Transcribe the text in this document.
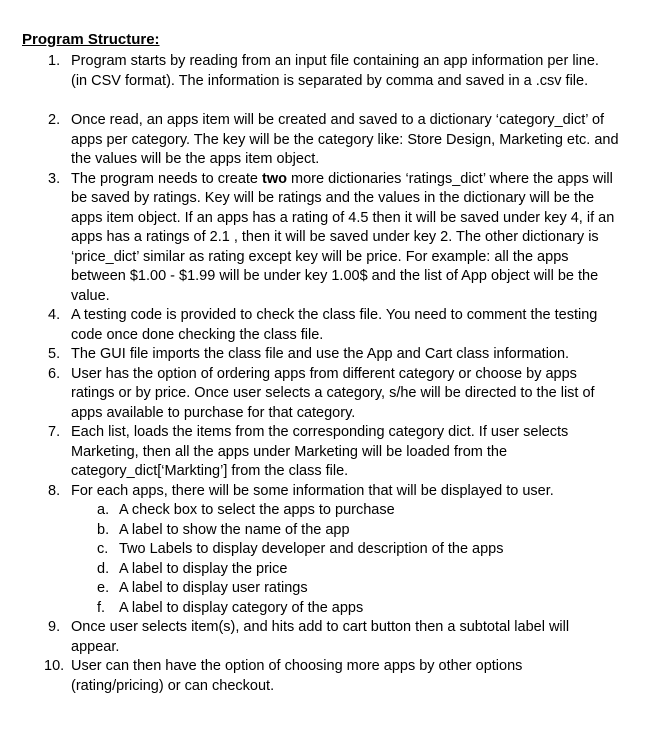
Program Structure:
1. Program starts by reading from an input file containing an app information per line.
(in CSV format). The information is separated by comma and saved in a .csv file.
2. Once read, an apps item will be created and saved to a dictionary ‘category_dict’ of
apps per category. The key will be the category like: Store Design, Marketing etc. and
the values will be the apps item object.
3. The program needs to create two more dictionaries ‘ratings_dict’ where the apps will
be saved by ratings. Key will be ratings and the values in the dictionary will be the
apps item object. If an apps has a rating of 4.5 then it will be saved under key 4, if an
apps has a ratings of 2.1 , then it will be saved under key 2. The other dictionary is
‘price_dict’ similar as rating except key will be price. For example: all the apps
between $1.00 - $1.99 will be under key 1.00$ and the list of App object will be the
value.
4. A testing code is provided to check the class file. You need to comment the testing
code once done checking the class file.
5. The GUI file imports the class file and use the App and Cart class information.
6. User has the option of ordering apps from different category or choose by apps
ratings or by price. Once user selects a category, s/he will be directed to the list of
apps available to purchase for that category.
7. Each list, loads the items from the corresponding category dict. If user selects
Marketing, then all the apps under Marketing will be loaded from the
category_dict[‘Markting’] from the class file.
8. For each apps, there will be some information that will be displayed to user.
a. A check box to select the apps to purchase
b. A label to show the name of the app
c. Two Labels to display developer and description of the apps
d. A label to display the price
e. A label to display user ratings
f. A label to display category of the apps
9. Once user selects item(s), and hits add to cart button then a subtotal label will
appear.
10. User can then have the option of choosing more apps by other options
(rating/pricing) or can checkout.
